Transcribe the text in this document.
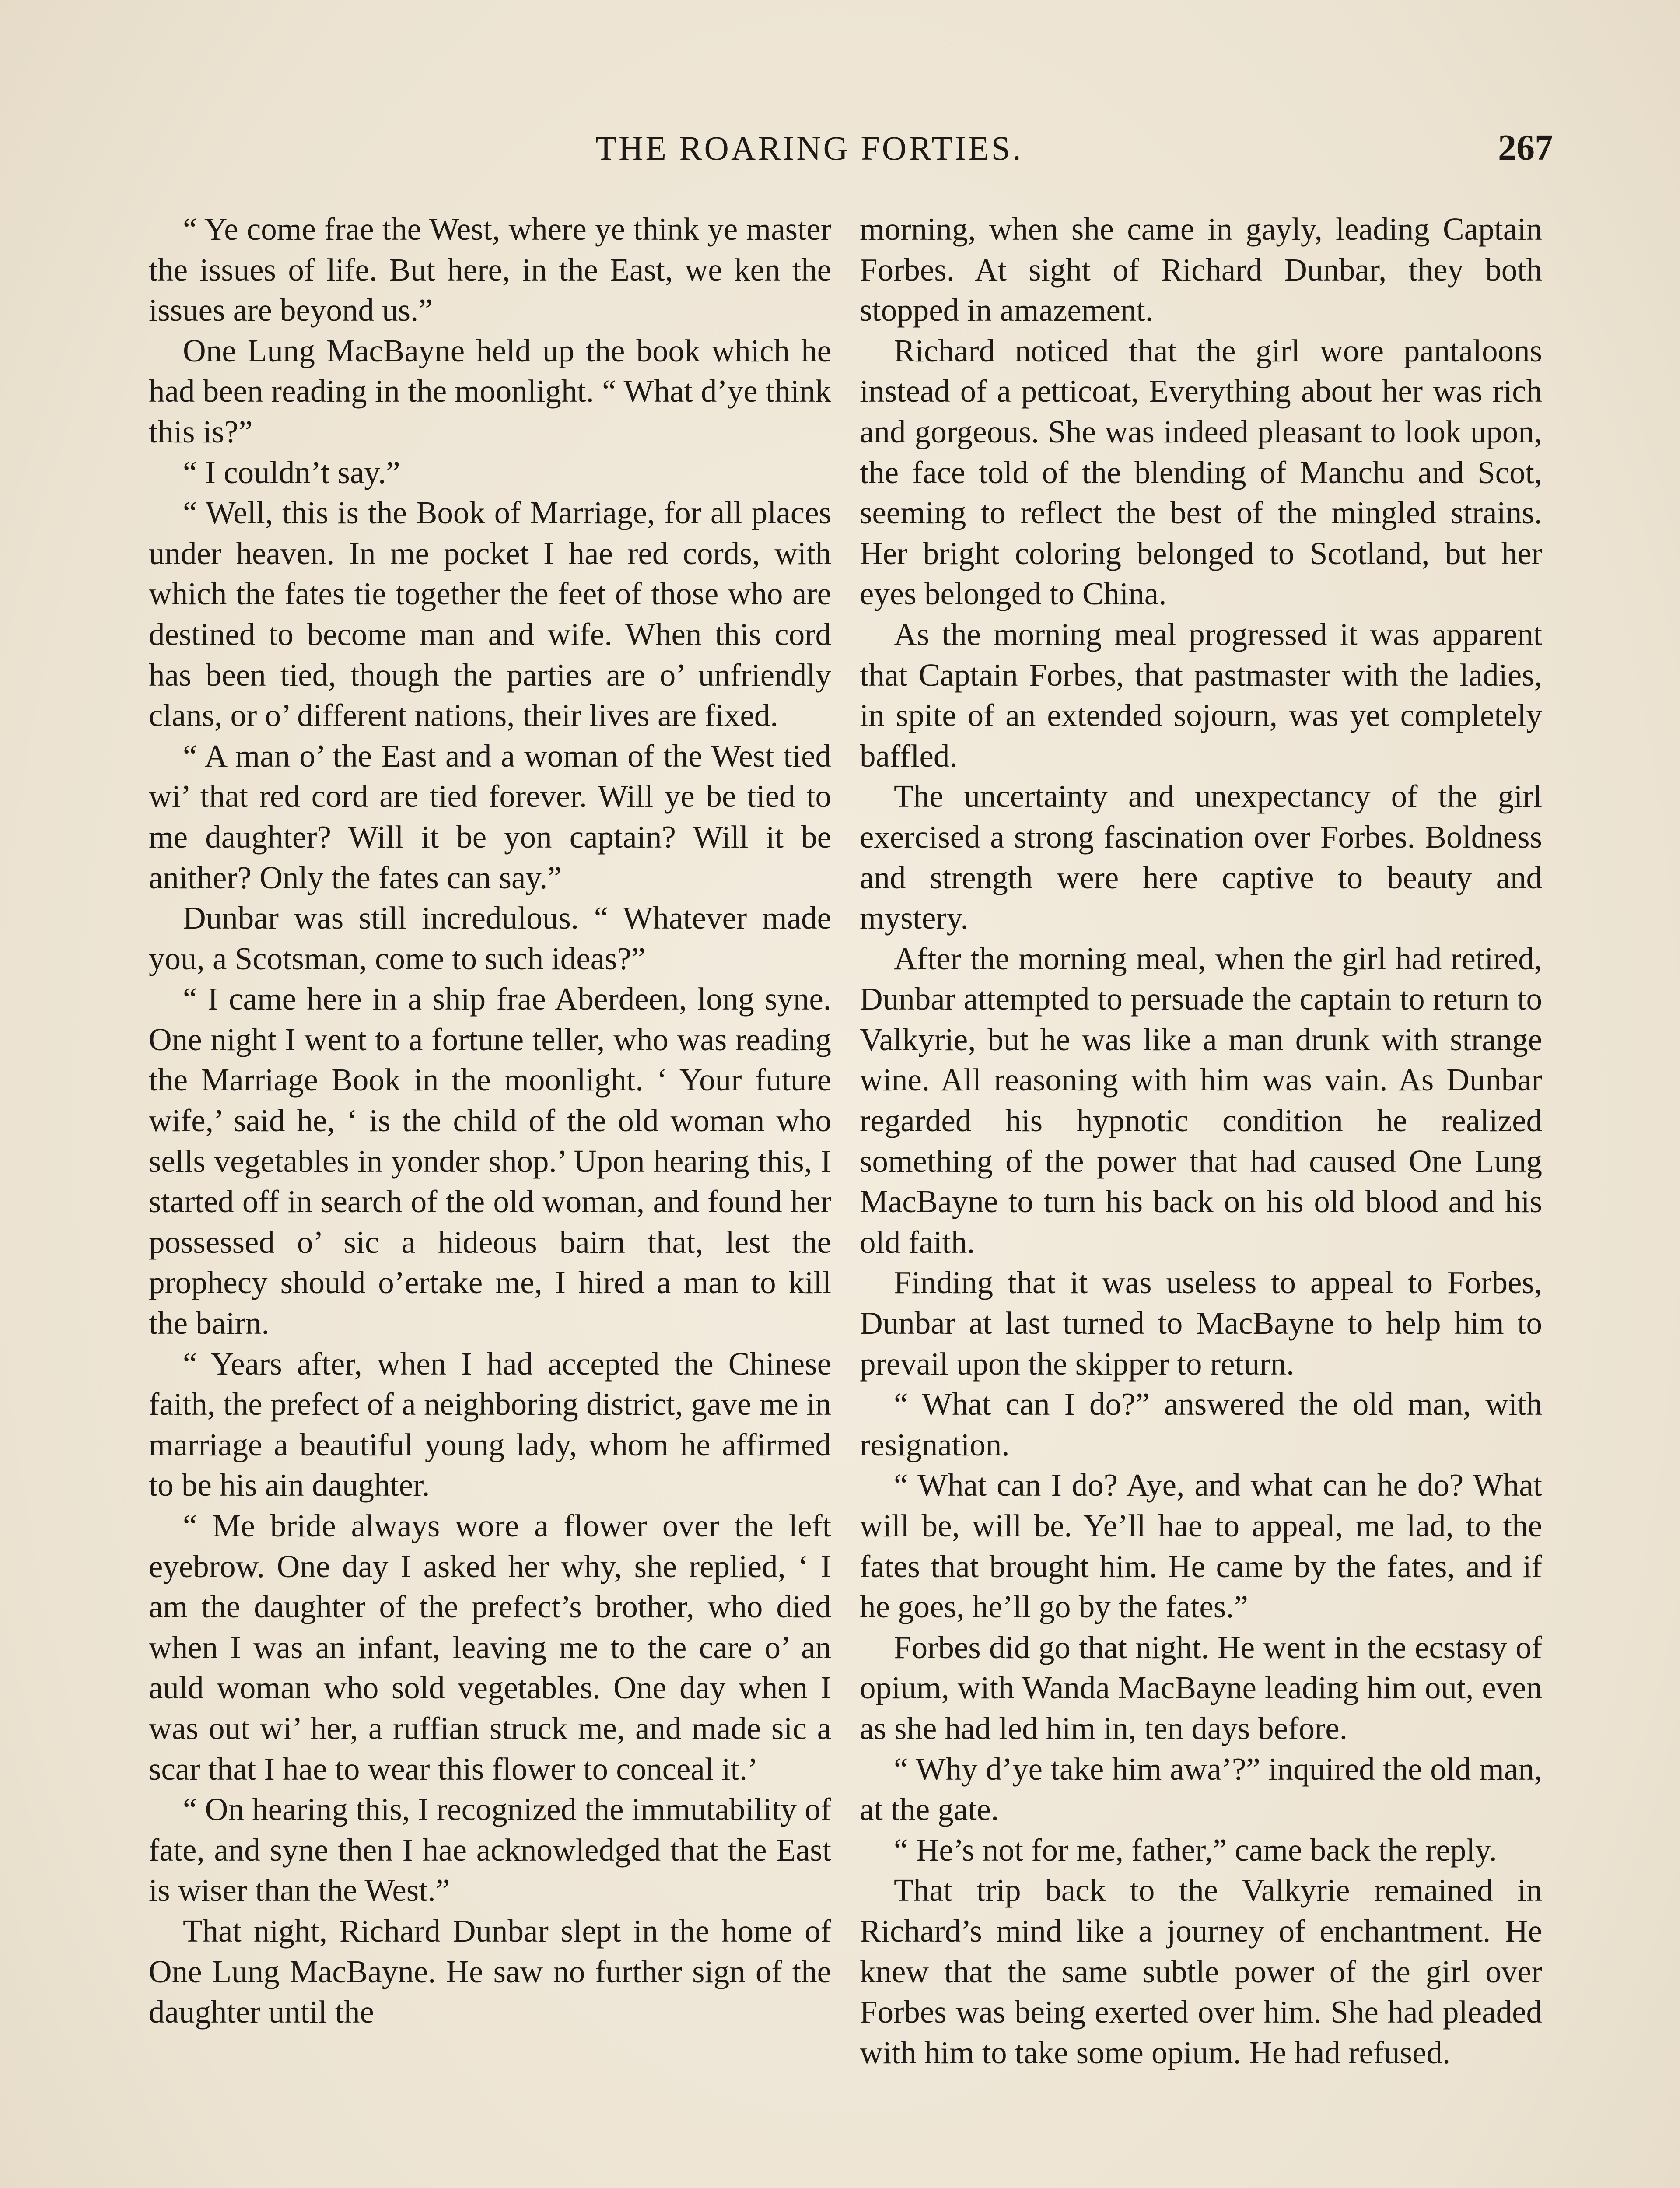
THE ROARING FORTIES.	267

“ Ye come frae the West, where ye think ye master the issues of life. But here, in the East, we ken the issues are beyond us.”

One Lung MacBayne held up the book which he had been reading in the moonlight. “ What d’ye think this is?”

“ I couldn’t say.”

“ Well, this is the Book of Marriage, for all places under heaven. In me pocket I hae red cords, with which the fates tie together the feet of those who are destined to become man and wife. When this cord has been tied, though the parties are o’ unfriendly clans, or o’ different nations, their lives are fixed.

“ A man o’ the East and a woman of the West tied wi’ that red cord are tied forever. Will ye be tied to me daughter? Will it be yon captain? Will it be anither? Only the fates can say.”

Dunbar was still incredulous. “ Whatever made you, a Scotsman, come to such ideas?”

“ I came here in a ship frae Aberdeen, long syne. One night I went to a fortune teller, who was reading the Marriage Book in the moonlight. ‘ Your future wife,’ said he, ‘ is the child of the old woman who sells vegetables in yonder shop.’ Upon hearing this, I started off in search of the old woman, and found her possessed o’ sic a hideous bairn that, lest the prophecy should o’ertake me, I hired a man to kill the bairn.

“ Years after, when I had accepted the Chinese faith, the prefect of a neighboring district, gave me in marriage a beautiful young lady, whom he affirmed to be his ain daughter.

“ Me bride always wore a flower over the left eyebrow. One day I asked her why, she replied, ‘ I am the daughter of the prefect’s brother, who died when I was an infant, leaving me to the care o’ an auld woman who sold vegetables. One day when I was out wi’ her, a ruffian struck me, and made sic a scar that I hae to wear this flower to conceal it.’

“ On hearing this, I recognized the immutability of fate, and syne then I hae acknowledged that the East is wiser than the West.”

That night, Richard Dunbar slept in the home of One Lung MacBayne. He saw no further sign of the daughter until the

morning, when she came in gayly, leading Captain Forbes. At sight of Richard Dunbar, they both stopped in amazement.

Richard noticed that the girl wore pantaloons instead of a petticoat, Everything about her was rich and gorgeous. She was indeed pleasant to look upon, the face told of the blending of Manchu and Scot, seeming to reflect the best of the mingled strains. Her bright coloring belonged to Scotland, but her eyes belonged to China.

As the morning meal progressed it was apparent that Captain Forbes, that pastmaster with the ladies, in spite of an extended sojourn, was yet completely baffled.

The uncertainty and unexpectancy of the girl exercised a strong fascination over Forbes. Boldness and strength were here captive to beauty and mystery.

After the morning meal, when the girl had retired, Dunbar attempted to persuade the captain to return to Valkyrie, but he was like a man drunk with strange wine. All reasoning with him was vain. As Dunbar regarded his hypnotic condition he realized something of the power that had caused One Lung MacBayne to turn his back on his old blood and his old faith.

Finding that it was useless to appeal to Forbes, Dunbar at last turned to MacBayne to help him to prevail upon the skipper to return.

“ What can I do?” answered the old man, with resignation.

“ What can I do? Aye, and what can he do? What will be, will be. Ye’ll hae to appeal, me lad, to the fates that brought him. He came by the fates, and if he goes, he’ll go by the fates.”

Forbes did go that night. He went in the ecstasy of opium, with Wanda MacBayne leading him out, even as she had led him in, ten days before.

“ Why d’ye take him awa’?” inquired the old man, at the gate.

“ He’s not for me, father,” came back the reply.

That trip back to the Valkyrie remained in Richard’s mind like a journey of enchantment. He knew that the same subtle power of the girl over Forbes was being exerted over him. She had pleaded with him to take some opium. He had refused.
